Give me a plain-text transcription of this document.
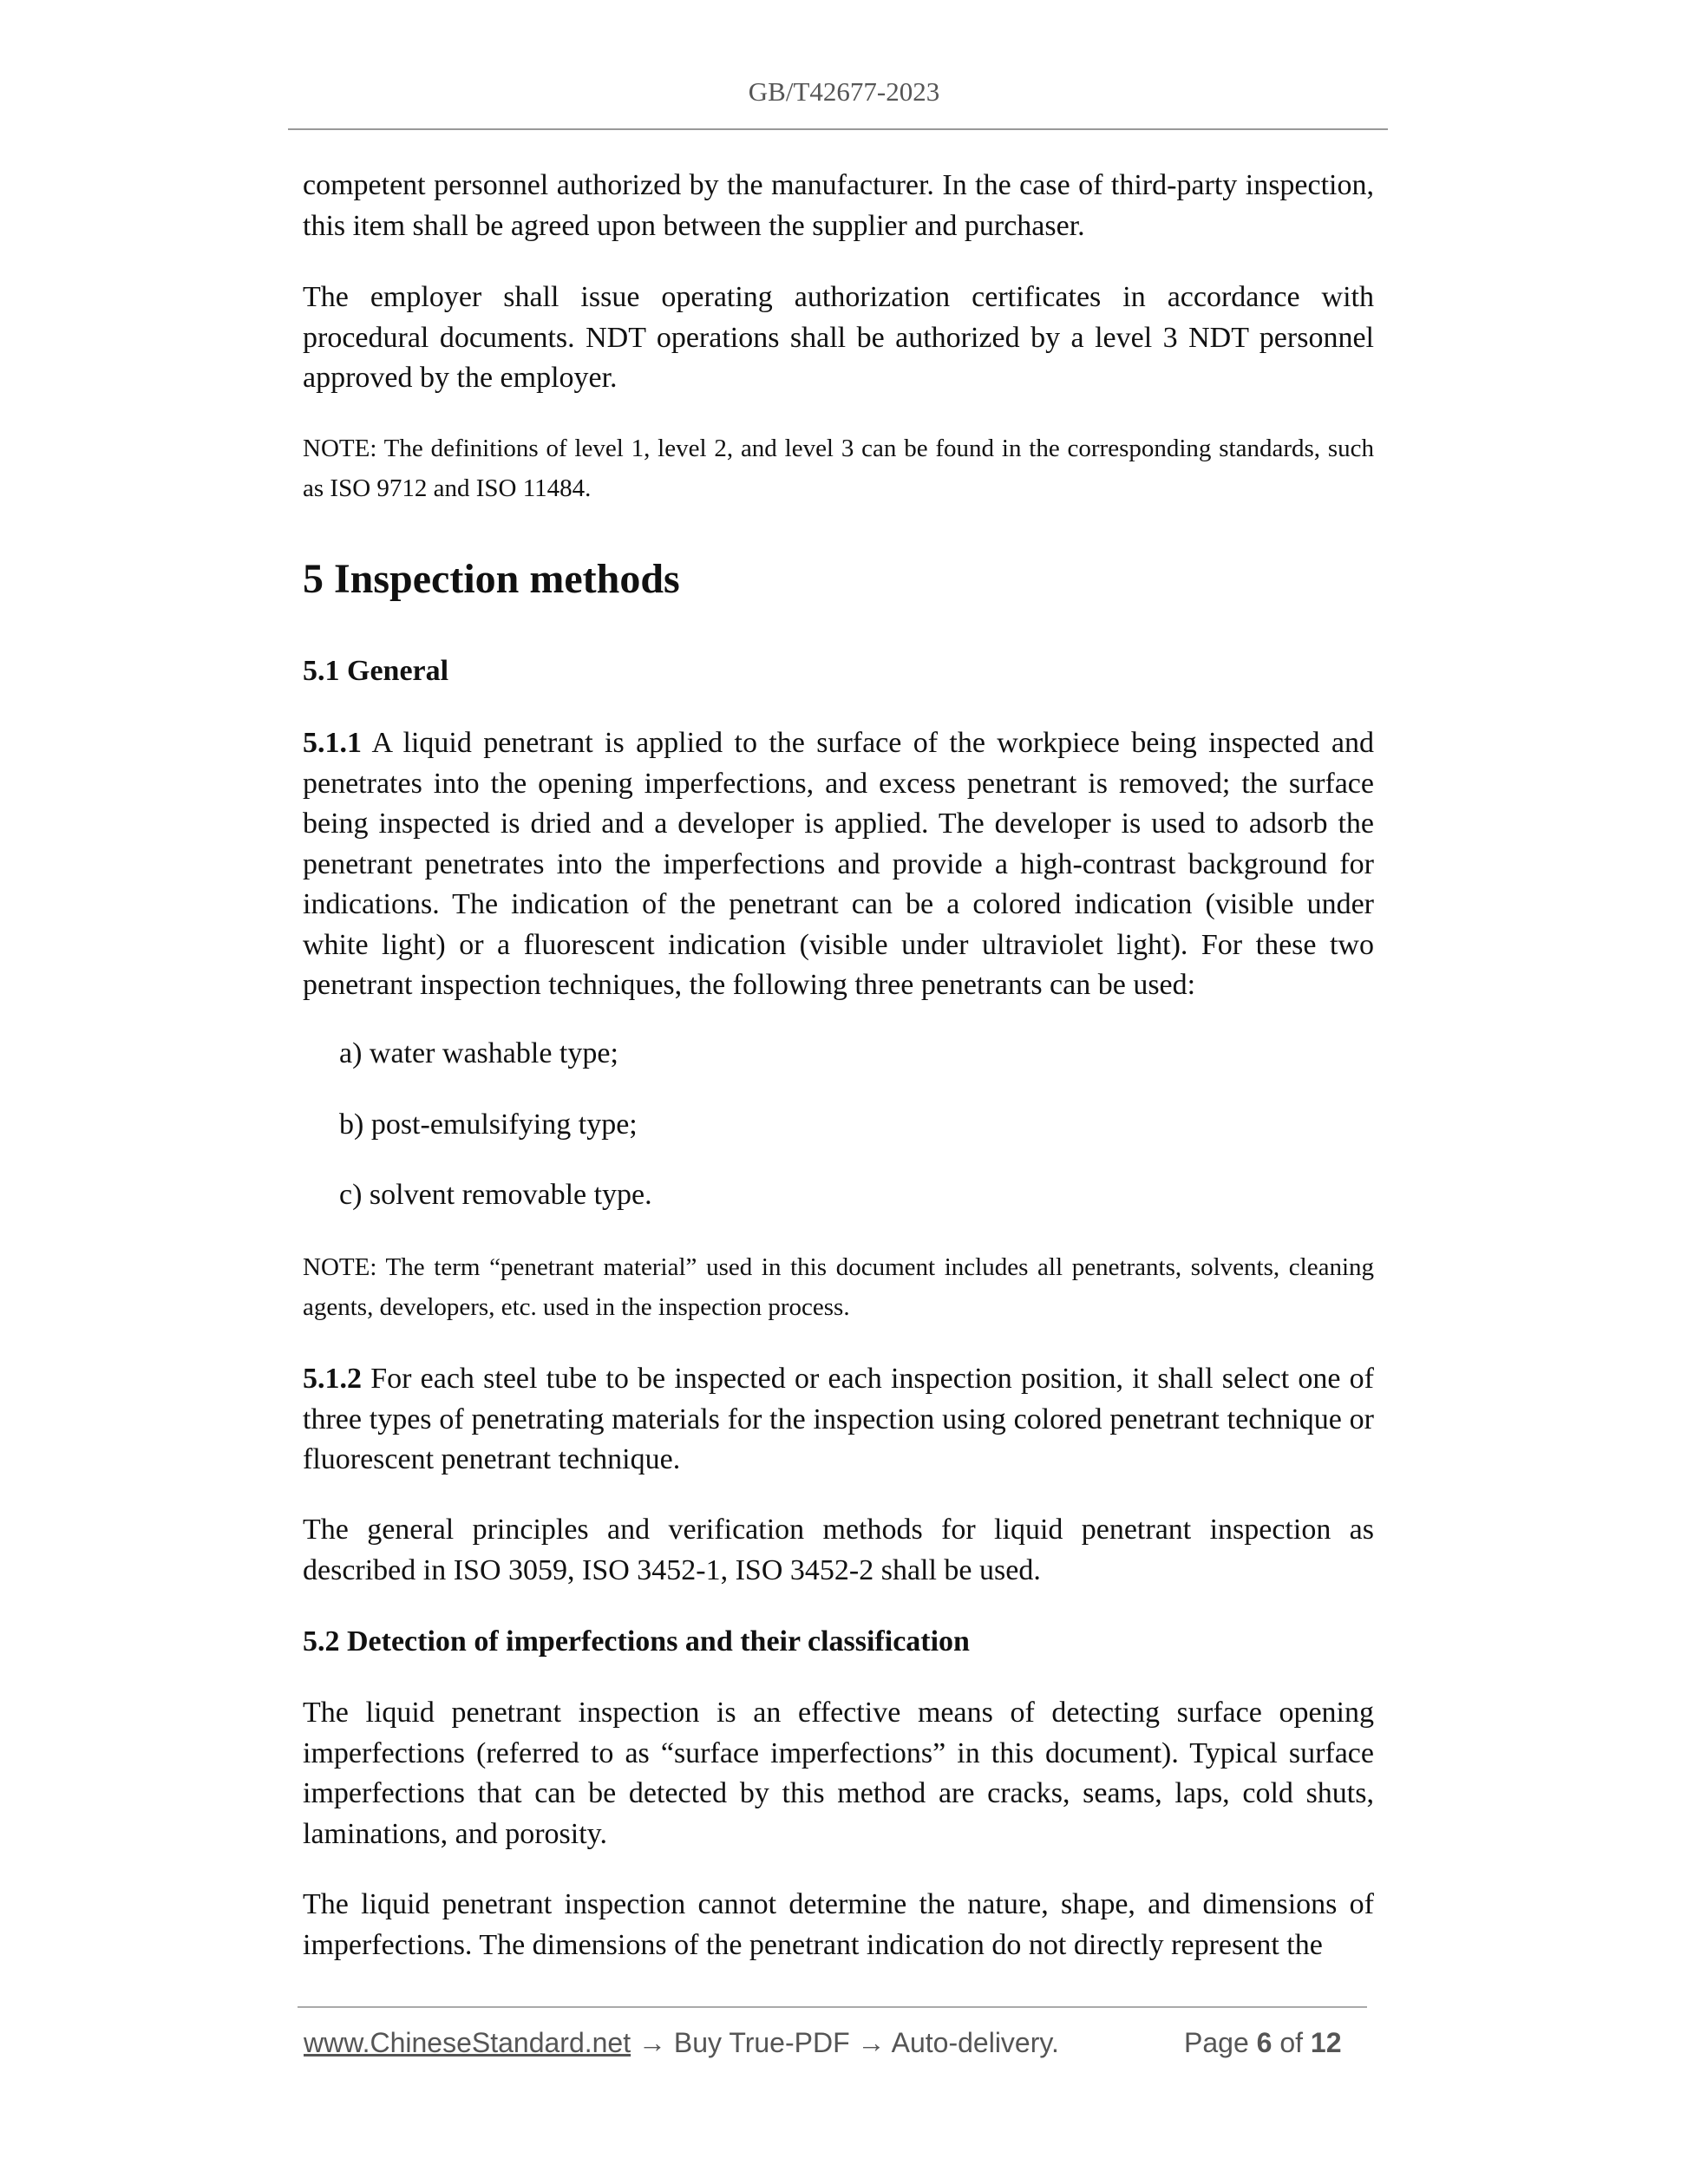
GB/T42677-2023

competent personnel authorized by the manufacturer. In the case of third-party inspection, this item shall be agreed upon between the supplier and purchaser.

The employer shall issue operating authorization certificates in accordance with procedural documents. NDT operations shall be authorized by a level 3 NDT personnel approved by the employer.

NOTE: The definitions of level 1, level 2, and level 3 can be found in the corresponding standards, such as ISO 9712 and ISO 11484.

5 Inspection methods
5.1 General

5.1.1 A liquid penetrant is applied to the surface of the workpiece being inspected and penetrates into the opening imperfections, and excess penetrant is removed; the surface being inspected is dried and a developer is applied. The developer is used to adsorb the penetrant penetrates into the imperfections and provide a high-contrast background for indications. The indication of the penetrant can be a colored indication (visible under white light) or a fluorescent indication (visible under ultraviolet light). For these two penetrant inspection techniques, the following three penetrants can be used:

a) water washable type;

b) post-emulsifying type;

c) solvent removable type.

NOTE: The term “penetrant material” used in this document includes all penetrants, solvents, cleaning agents, developers, etc. used in the inspection process.

5.1.2 For each steel tube to be inspected or each inspection position, it shall select one of three types of penetrating materials for the inspection using colored penetrant technique or fluorescent penetrant technique.

The general principles and verification methods for liquid penetrant inspection as described in ISO 3059, ISO 3452-1, ISO 3452-2 shall be used.

5.2 Detection of imperfections and their classification

The liquid penetrant inspection is an effective means of detecting surface opening imperfections (referred to as “surface imperfections” in this document). Typical surface imperfections that can be detected by this method are cracks, seams, laps, cold shuts, laminations, and porosity.

The liquid penetrant inspection cannot determine the nature, shape, and dimensions of imperfections. The dimensions of the penetrant indication do not directly represent the

www.ChineseStandard.net → Buy True-PDF → Auto-delivery.	Page 6 of 12
